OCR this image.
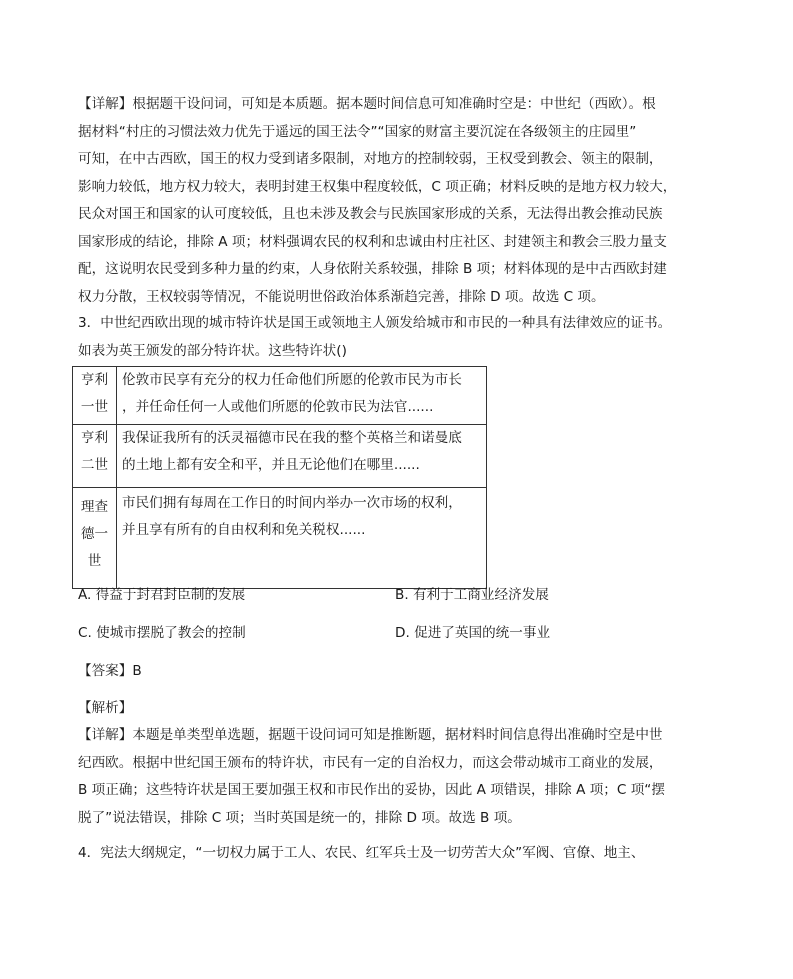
【详解】根据题干设问词，可知是本质题。据本题时间信息可知准确时空是：中世纪（西欧）。根
据材料“村庄的习惯法效力优先于遥远的国王法令”“国家的财富主要沉淀在各级领主的庄园里”
可知，在中古西欧，国王的权力受到诸多限制，对地方的控制较弱，王权受到教会、领主的限制，
影响力较低，地方权力较大，表明封建王权集中程度较低，C 项正确；材料反映的是地方权力较大，
民众对国王和国家的认可度较低，且也未涉及教会与民族国家形成的关系，无法得出教会推动民族
国家形成的结论，排除 A 项；材料强调农民的权利和忠诚由村庄社区、封建领主和教会三股力量支
配，这说明农民受到多种力量的约束，人身依附关系较强，排除 B 项；材料体现的是中古西欧封建
权力分散，王权较弱等情况，不能说明世俗政治体系渐趋完善，排除 D 项。故选 C 项。
3．中世纪西欧出现的城市特许状是国王或领地主人颁发给城市和市民的一种具有法律效应的证书。
如表为英王颁发的部分特许状。这些特许状()
亨利
一世	伦敦市民享有充分的权力任命他们所愿的伦敦市民为市长
，并任命任何一人或他们所愿的伦敦市民为法官......

亨利
二世	我保证我所有的沃灵福德市民在我的整个英格兰和诺曼底
的土地上都有安全和平，并且无论他们在哪里......

理查
德一
世	市民们拥有每周在工作日的时间内举办一次市场的权利，
并且享有所有的自由权利和免关税权......
A. 得益于封君封臣制的发展	B. 有利于工商业经济发展
C. 使城市摆脱了教会的控制	D. 促进了英国的统一事业
【答案】B
【解析】
【详解】本题是单类型单选题，据题干设问词可知是推断题，据材料时间信息得出准确时空是中世
纪西欧。根据中世纪国王颁布的特许状，市民有一定的自治权力，而这会带动城市工商业的发展，
B 项正确；这些特许状是国王要加强王权和市民作出的妥协，因此 A 项错误，排除 A 项；C 项“摆
脱了”说法错误，排除 C 项；当时英国是统一的，排除 D 项。故选 B 项。
4．宪法大纲规定，“一切权力属于工人、农民、红军兵士及一切劳苦大众”军阀、官僚、地主、
